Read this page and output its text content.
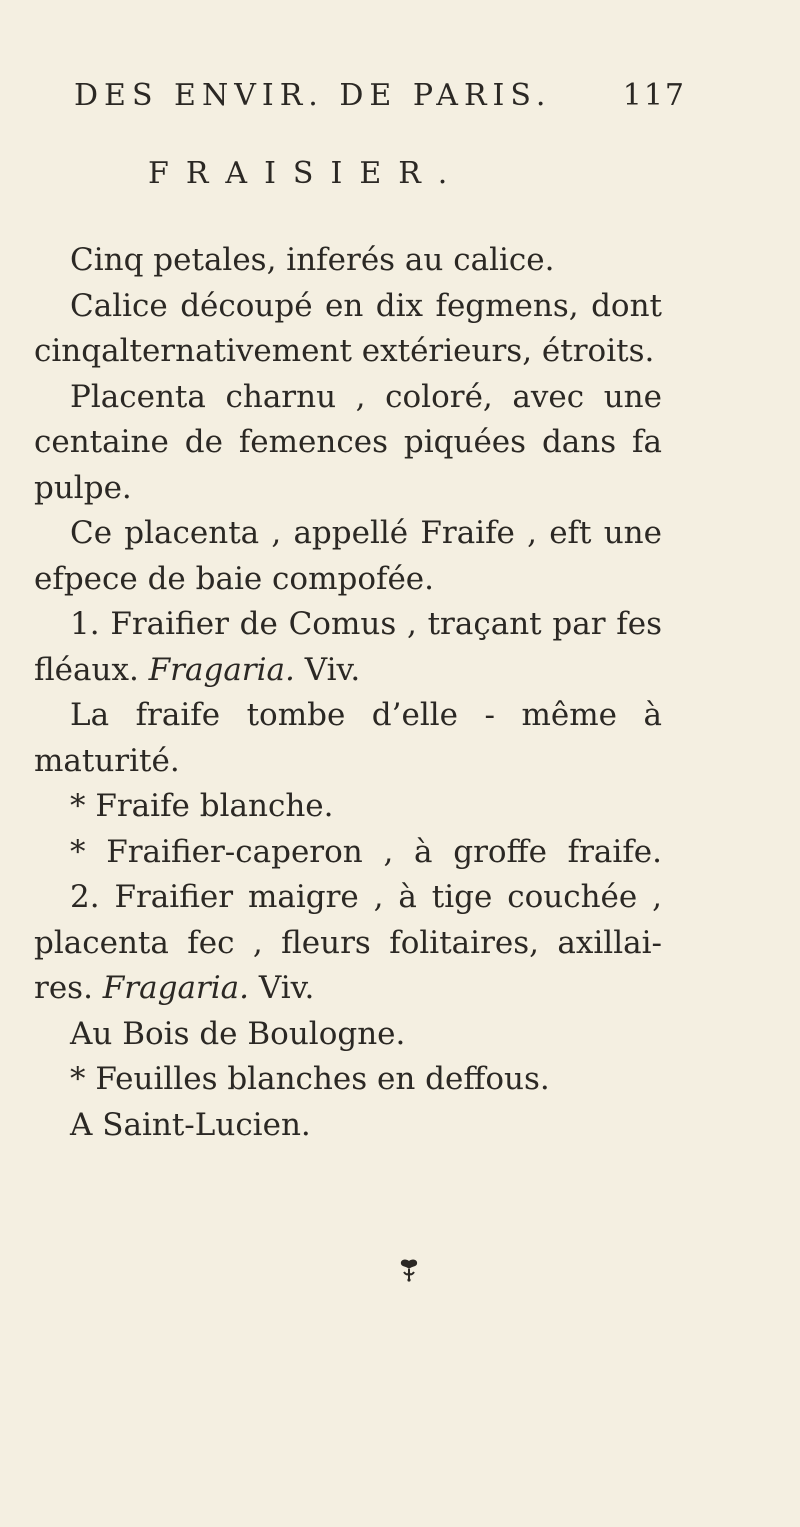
DES ENVIR. DE PARIS. 117
FRAISIER.
Cinq petales, inferés au calice.
Calice découpé en dix fegmens, dont
cinqalternativement extérieurs, étroits.
Placenta charnu , coloré, avec une
centaine de femences piquées dans fa
pulpe.
Ce placenta , appellé Fraife , eft une
efpece de baie compofée.
1. Fraifier de Comus , traçant par fes
fléaux. Fragaria. Viv.
La fraife tombe d’elle - même à
maturité.
* Fraife blanche.
* Fraifier-caperon , à groffe fraife.
2. Fraifier maigre , à tige couchée ,
placenta fec , fleurs folitaires, axillai-
res. Fragaria. Viv.
Au Bois de Boulogne.
* Feuilles blanches en deffous.
A Saint-Lucien.
